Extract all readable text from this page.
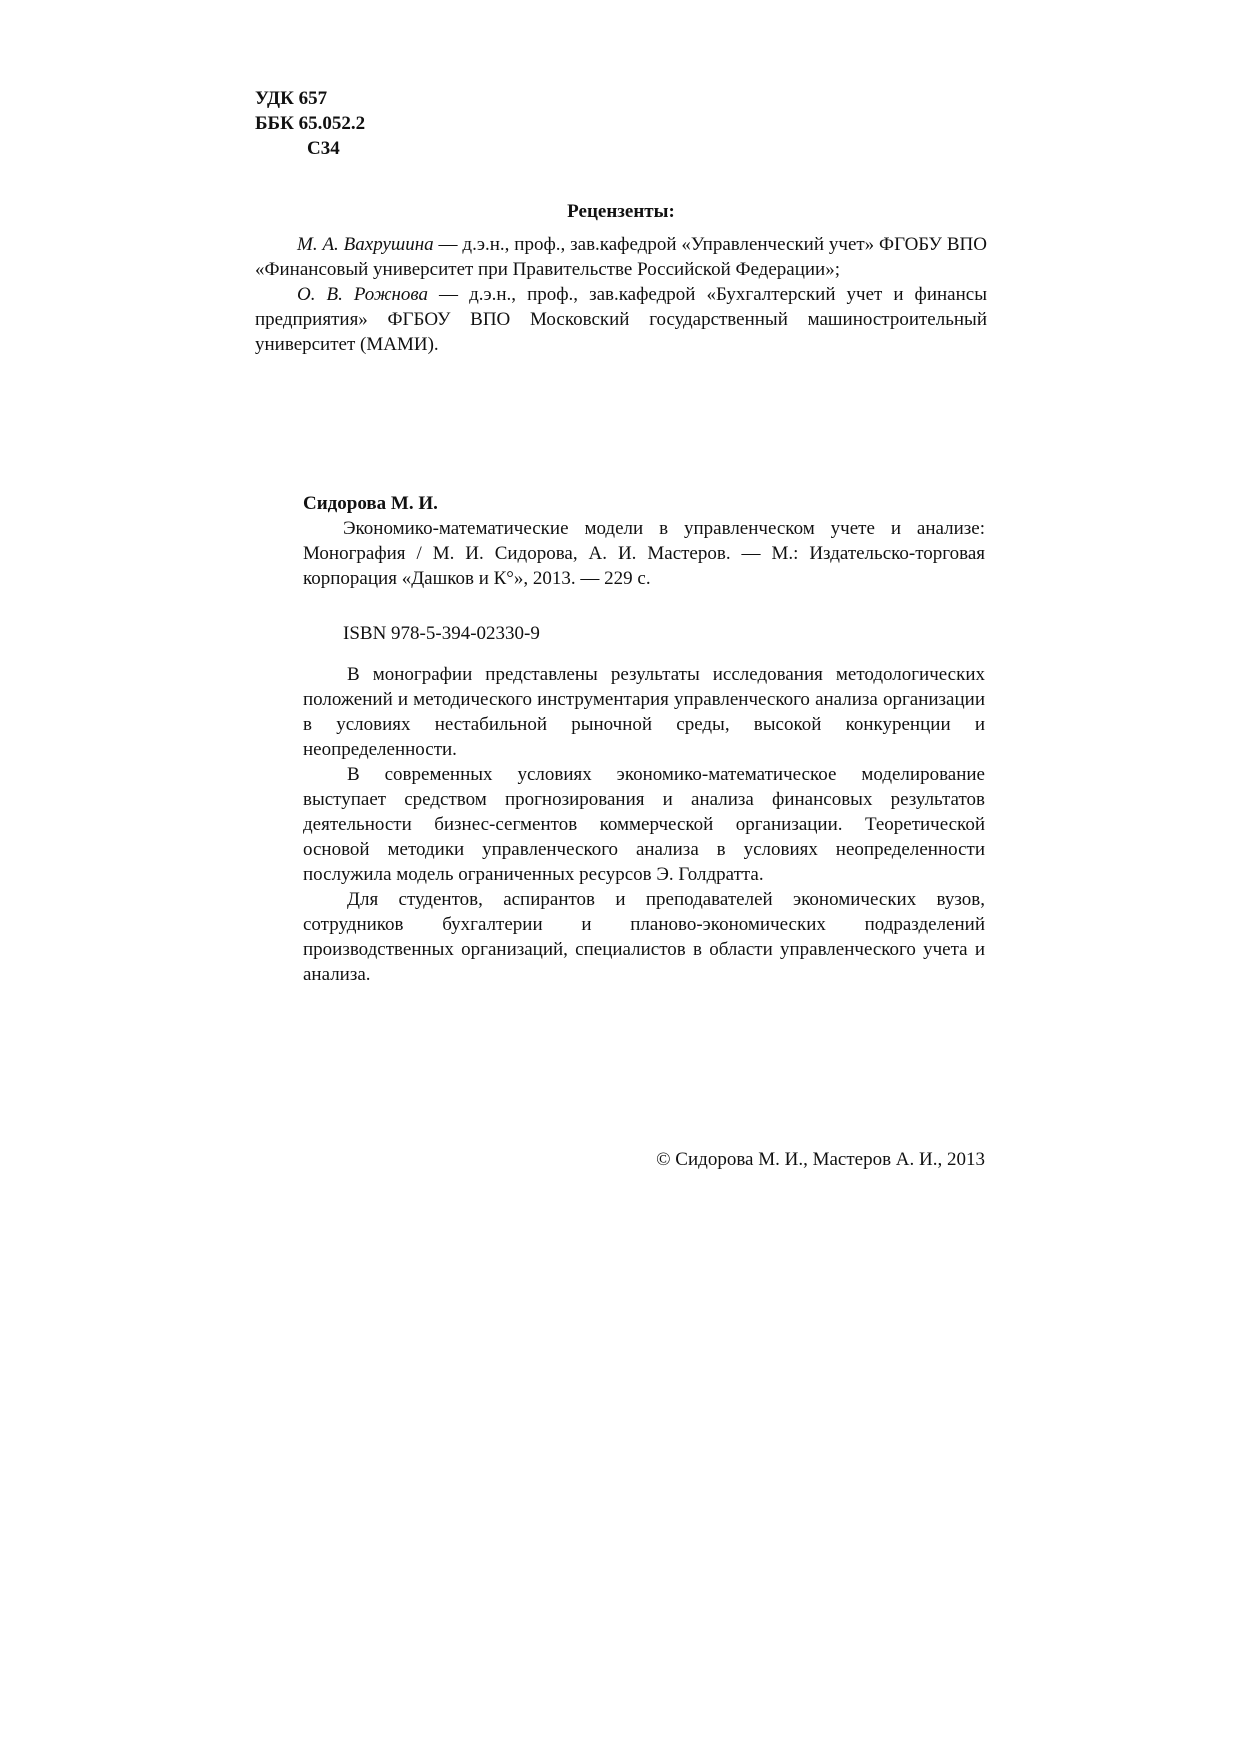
УДК 657
ББК 65.052.2
С34
Рецензенты:

М. А. Вахрушина — д.э.н., проф., зав.кафедрой «Управленческий учет» ФГОБУ ВПО «Финансовый университет при Правительстве Российской Федерации»;

О. В. Рожнова — д.э.н., проф., зав.кафедрой «Бухгалтерский учет и финансы предприятия» ФГБОУ ВПО Московский государственный машиностроительный университет (МАМИ).

Сидорова М. И.

Экономико-математические модели в управленческом учете и анализе: Монография / М. И. Сидорова, А. И. Мастеров. — М.: Издательско-торговая корпорация «Дашков и К°», 2013. — 229 с.

ISBN 978-5-394-02330-9

В монографии представлены результаты исследования методологических положений и методического инструментария управленческого анализа организации в условиях нестабильной рыночной среды, высокой конкуренции и неопределенности.

В современных условиях экономико-математическое моделирование выступает средством прогнозирования и анализа финансовых результатов деятельности бизнес-сегментов коммерческой организации. Теоретической основой методики управленческого анализа в условиях неопределенности послужила модель ограниченных ресурсов Э. Голдратта.

Для студентов, аспирантов и преподавателей экономических вузов, сотрудников бухгалтерии и планово-экономических подразделений производственных организаций, специалистов в области управленческого учета и анализа.

© Сидорова М. И., Мастеров А. И., 2013
